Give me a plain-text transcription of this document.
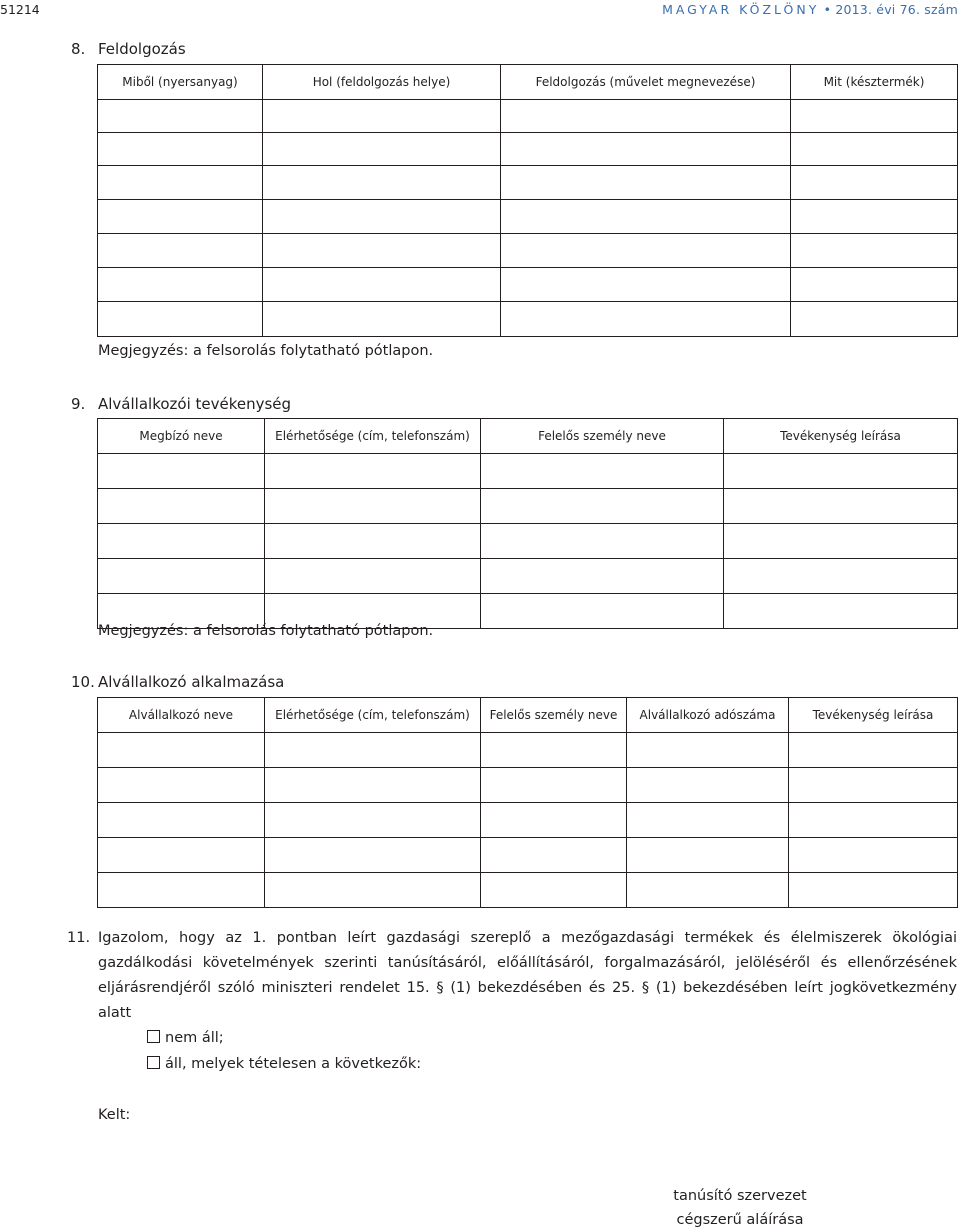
51214	MAGYAR KÖZLÖNY • 2013. évi 76. szám
8. Feldolgozás
Miből (nyersanyag)	Hol (feldolgozás helye)	Feldolgozás (művelet megnevezése)	Mit (késztermék)

Megjegyzés: a felsorolás folytatható pótlapon.
9. Alvállalkozói tevékenység
Megbízó neve	Elérhetősége (cím, telefonszám)	Felelős személy neve	Tevékenység leírása

Megjegyzés: a felsorolás folytatható pótlapon.
10. Alvállalkozó alkalmazása
Alvállalkozó neve	Elérhetősége (cím, telefonszám)	Felelős személy neve	Alvállalkozó adószáma	Tevékenység leírása

11. Igazolom, hogy az 1. pontban leírt gazdasági szereplő a mezőgazdasági termékek és élelmiszerek ökológiai gazdálkodási követelmények szerinti tanúsításáról, előállításáról, forgalmazásáról, jelöléséről és ellenőrzésének eljárásrendjéről szóló miniszteri rendelet 15. § (1) bekezdésében és 25. § (1) bekezdésében leírt jogkövetkezmény alatt
nem áll;
áll, melyek tételesen a következők:
Kelt:
tanúsító szervezet
cégszerű aláírása
